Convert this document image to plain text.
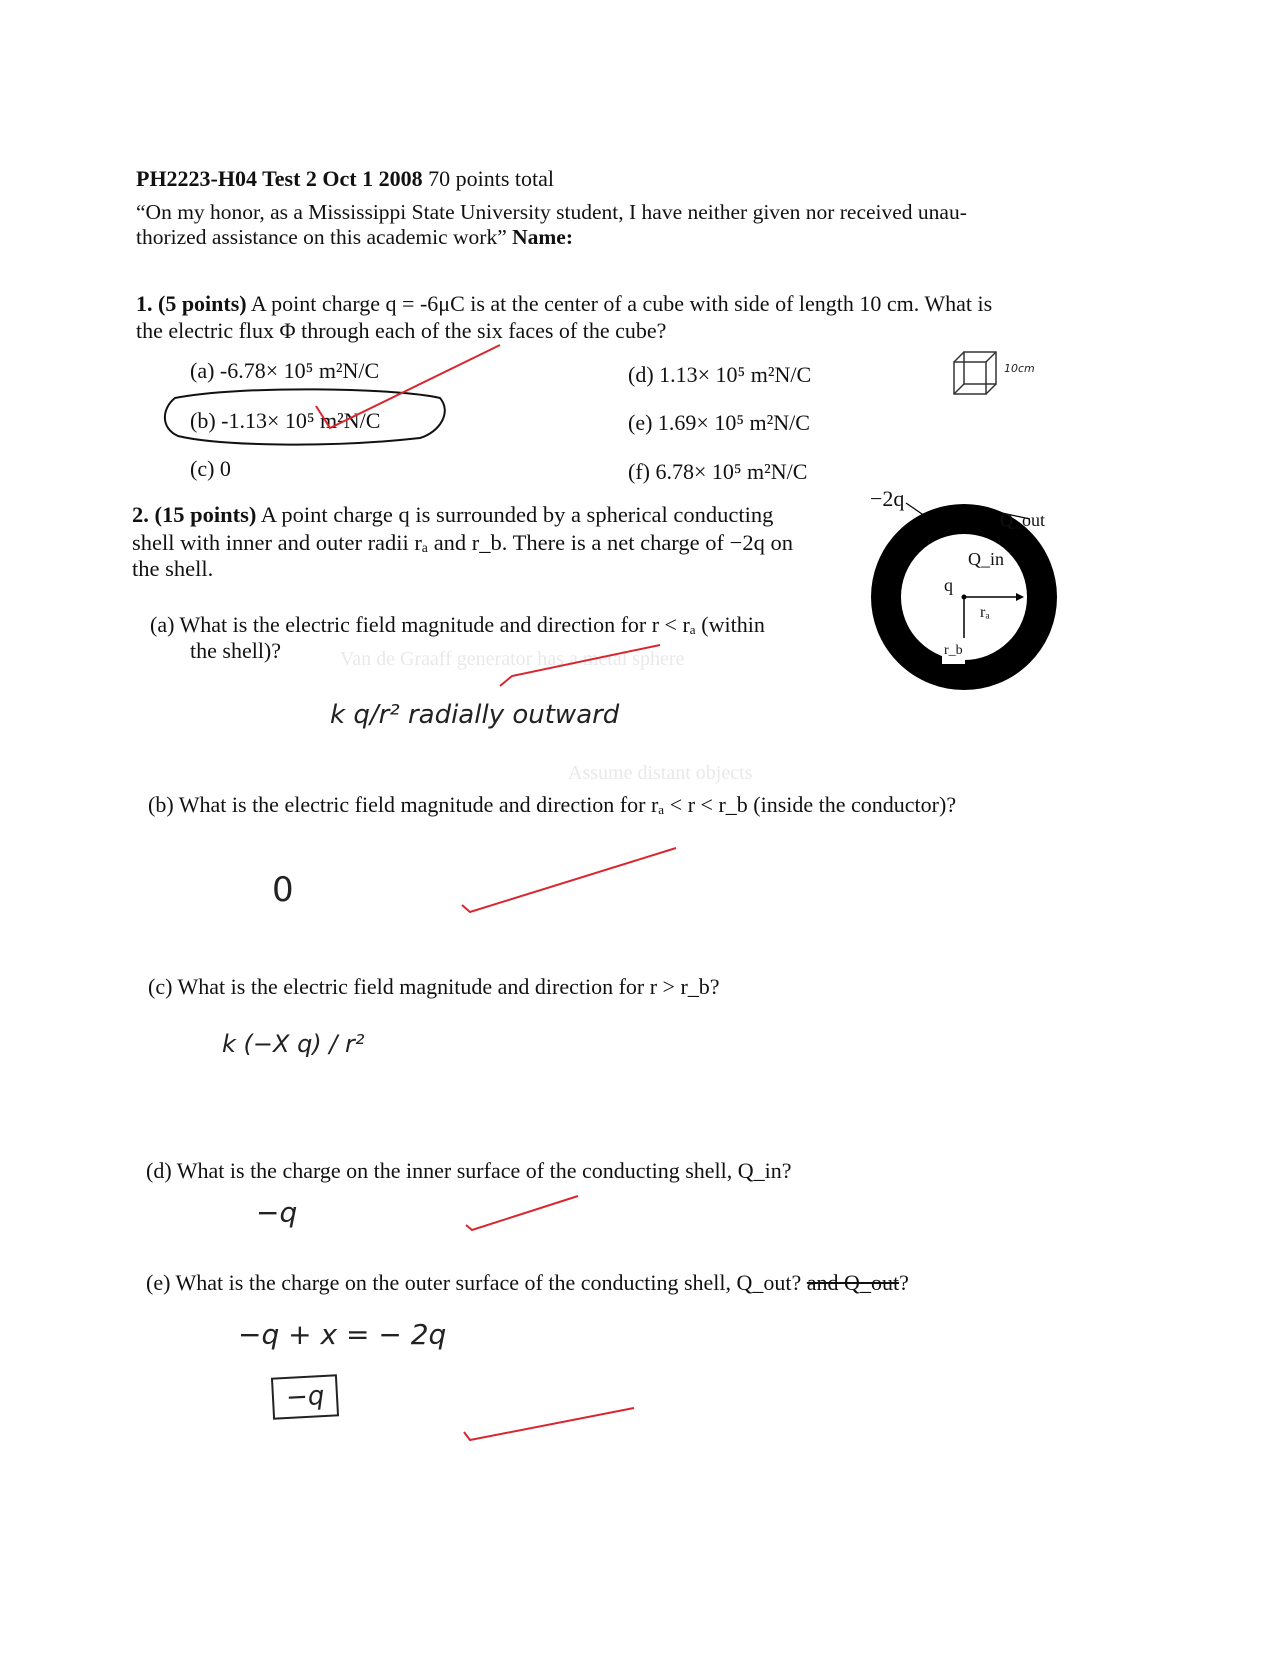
PH2223-H04 Test 2 Oct 1 2008 70 points total
“On my honor, as a Mississippi State University student, I have neither given nor received unau-
thorized assistance on this academic work” Name:
1. (5 points) A point charge q = -6μC is at the center of a cube with side of length 10 cm. What is
the electric flux Φ through each of the six faces of the cube?
(a) -6.78× 10⁵ m²N/C
(b) -1.13× 10⁵ m²N/C
(c) 0
(d) 1.13× 10⁵ m²N/C
(e) 1.69× 10⁵ m²N/C
(f) 6.78× 10⁵ m²N/C
10cm
2. (15 points) A point charge q is surrounded by a spherical conducting
shell with inner and outer radii rₐ and r_b. There is a net charge of −2q on
the shell.
−2q
Q_out
Q_in
q
rₐ
r_b
Van de Graaff generator has a metal sphere
Assume distant objects
(a) What is the electric field magnitude and direction for r < rₐ (within
the shell)?
k q/r² radially outward
(b) What is the electric field magnitude and direction for rₐ < r < r_b (inside the conductor)?
0
(c) What is the electric field magnitude and direction for r > r_b?
k (−X q) / r²
(d) What is the charge on the inner surface of the conducting shell, Q_in?
−q
(e) What is the charge on the outer surface of the conducting shell, Q_out? and Q_out?
−q + x = − 2q
−q
